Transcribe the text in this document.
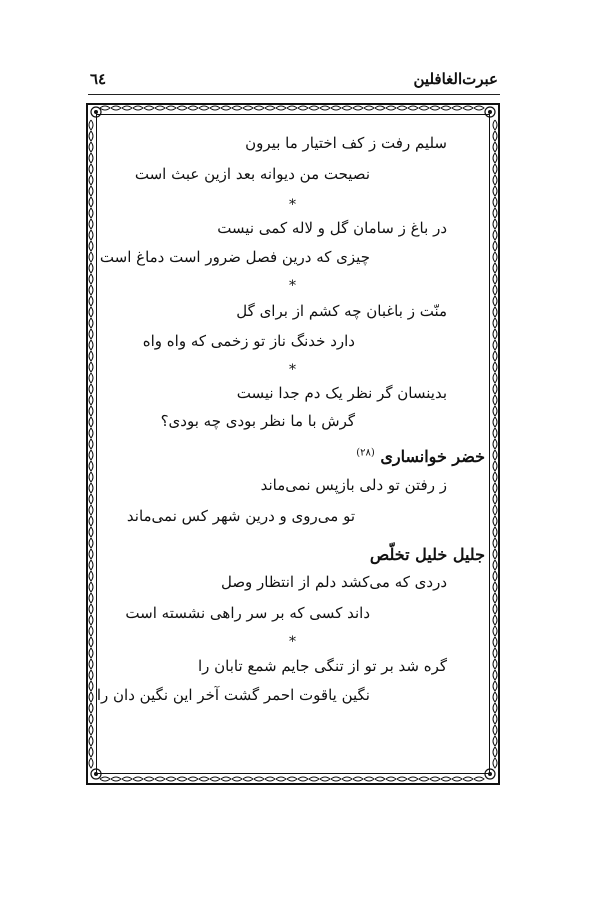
عبرت‌الغافلین
٦٤
سلیم رفت ز کف اختیار ما بیرون
نصیحت من دیوانه بعد ازین عبث است
*
در باغ ز سامان گل و لاله کمی نیست
چیزی که درین فصل ضرور است دماغ است
*
منّت ز باغبان چه کشم از برای گل
دارد خدنگ ناز تو زخمی که واه واه
*
بدینسان گر نظر یک دم جدا نیست
گرش با ما نظر بودی چه بودی؟
خضر خوانساری $^{(٢٨)}$
ز رفتن تو دلی بازپس نمی‌ماند
تو می‌روی و درین شهر کس نمی‌ماند
جلیل خلیل تخلّص
دردی که می‌کشد دلم از انتظار وصل
داند کسی که بر سر راهی نشسته است
*
گره شد بر تو از تنگی جایم شمع تابان را
نگین یاقوت احمر گشت آخر این نگین دان را
